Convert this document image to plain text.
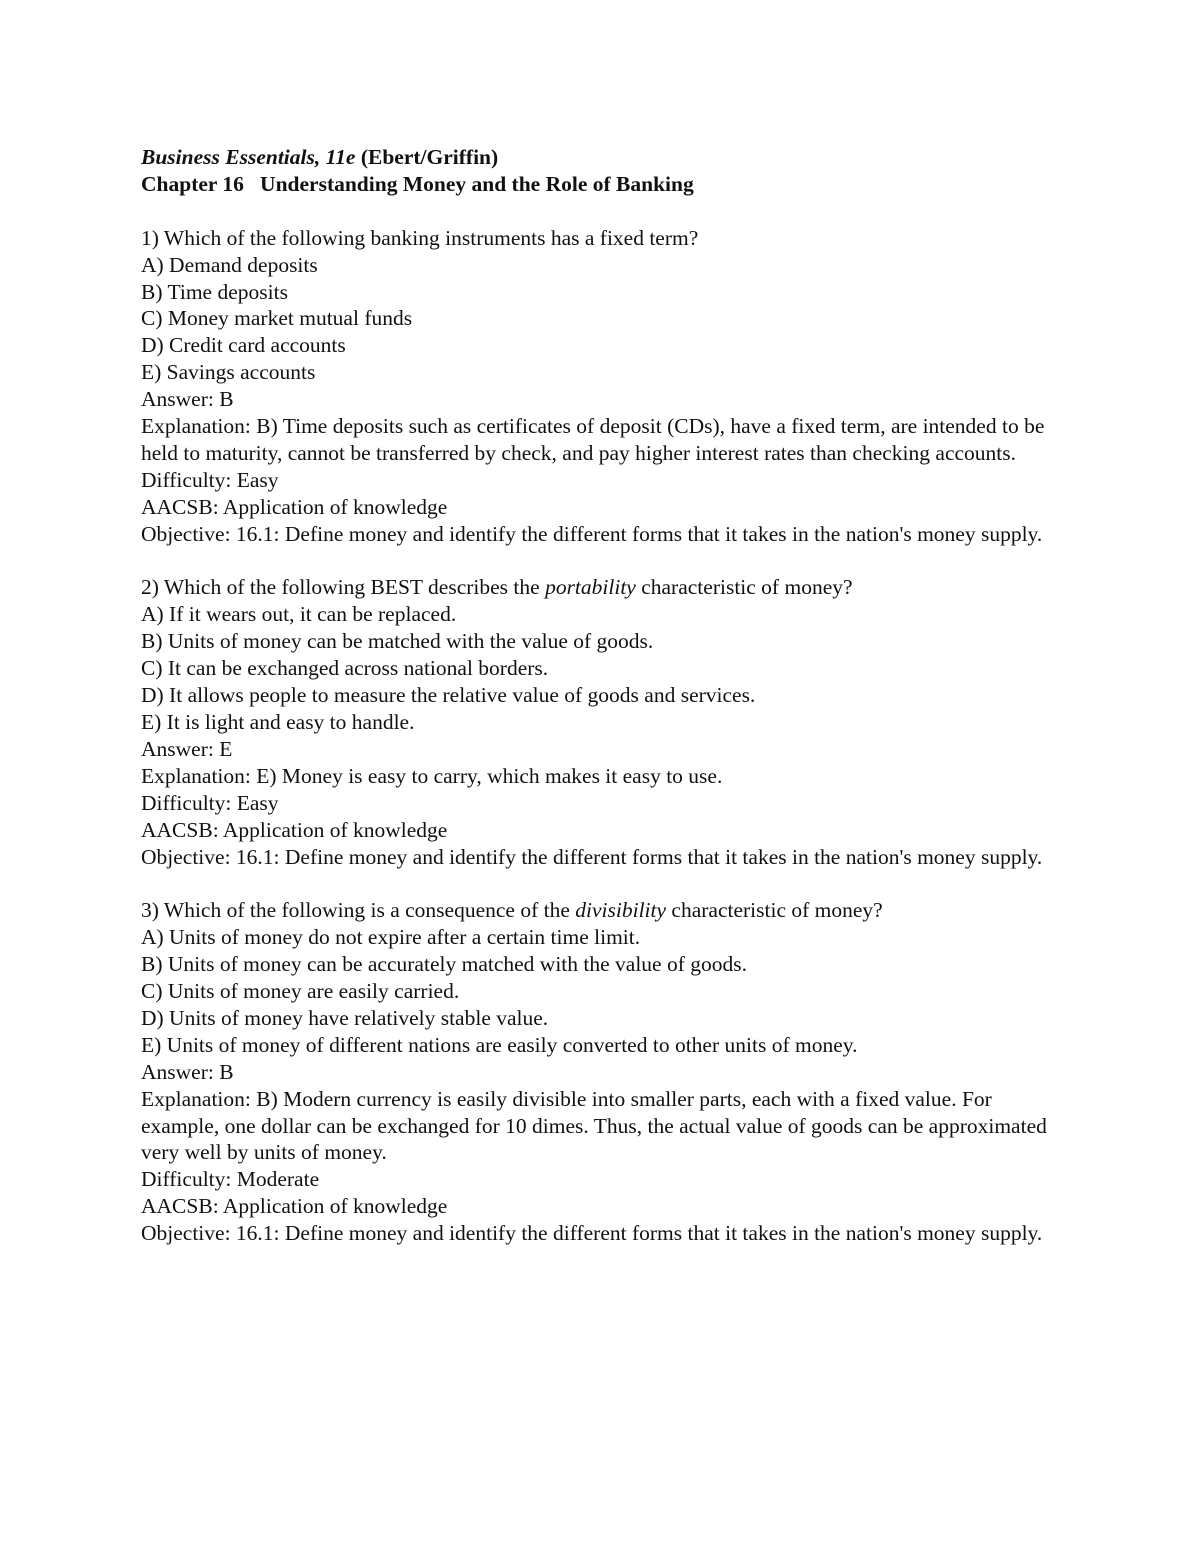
Business Essentials, 11e (Ebert/Griffin)
Chapter 16   Understanding Money and the Role of Banking
1) Which of the following banking instruments has a fixed term?
A) Demand deposits
B) Time deposits
C) Money market mutual funds
D) Credit card accounts
E) Savings accounts
Answer: B
Explanation: B) Time deposits such as certificates of deposit (CDs), have a fixed term, are intended to be held to maturity, cannot be transferred by check, and pay higher interest rates than checking accounts.
Difficulty: Easy
AACSB: Application of knowledge
Objective: 16.1: Define money and identify the different forms that it takes in the nation's money supply.
2) Which of the following BEST describes the portability characteristic of money?
A) If it wears out, it can be replaced.
B) Units of money can be matched with the value of goods.
C) It can be exchanged across national borders.
D) It allows people to measure the relative value of goods and services.
E) It is light and easy to handle.
Answer: E
Explanation: E) Money is easy to carry, which makes it easy to use.
Difficulty: Easy
AACSB: Application of knowledge
Objective: 16.1: Define money and identify the different forms that it takes in the nation's money supply.
3) Which of the following is a consequence of the divisibility characteristic of money?
A) Units of money do not expire after a certain time limit.
B) Units of money can be accurately matched with the value of goods.
C) Units of money are easily carried.
D) Units of money have relatively stable value.
E) Units of money of different nations are easily converted to other units of money.
Answer: B
Explanation: B) Modern currency is easily divisible into smaller parts, each with a fixed value. For example, one dollar can be exchanged for 10 dimes. Thus, the actual value of goods can be approximated very well by units of money.
Difficulty: Moderate
AACSB: Application of knowledge
Objective: 16.1: Define money and identify the different forms that it takes in the nation's money supply.
